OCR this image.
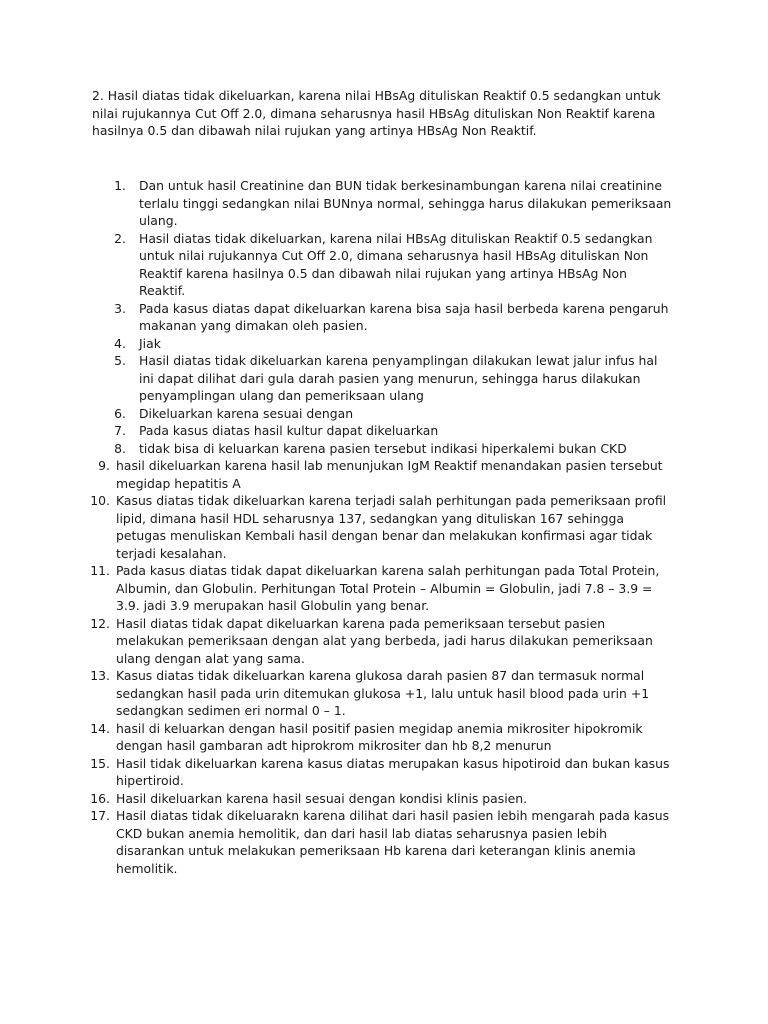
2. Hasil diatas tidak dikeluarkan, karena nilai HBsAg dituliskan Reaktif 0.5 sedangkan untuk nilai rujukannya Cut Off 2.0, dimana seharusnya hasil HBsAg dituliskan Non Reaktif karena hasilnya 0.5 dan dibawah nilai rujukan yang artinya HBsAg Non Reaktif.

1. Dan untuk hasil Creatinine dan BUN tidak berkesinambungan karena nilai creatinine terlalu tinggi sedangkan nilai BUNnya normal, sehingga harus dilakukan pemeriksaan ulang.
2. Hasil diatas tidak dikeluarkan, karena nilai HBsAg dituliskan Reaktif 0.5 sedangkan untuk nilai rujukannya Cut Off 2.0, dimana seharusnya hasil HBsAg dituliskan Non Reaktif karena hasilnya 0.5 dan dibawah nilai rujukan yang artinya HBsAg Non Reaktif.
3. Pada kasus diatas dapat dikeluarkan karena bisa saja hasil berbeda karena pengaruh makanan yang dimakan oleh pasien.
4. Jiak
5. Hasil diatas tidak dikeluarkan karena penyamplingan dilakukan lewat jalur infus hal ini dapat dilihat dari gula darah pasien yang menurun, sehingga harus dilakukan penyamplingan ulang dan pemeriksaan ulang
6. Dikeluarkan karena sesuai dengan
7. Pada kasus diatas hasil kultur dapat dikeluarkan
8. tidak bisa di keluarkan karena pasien tersebut indikasi hiperkalemi bukan CKD
9. hasil dikeluarkan karena hasil lab menunjukan IgM Reaktif menandakan pasien tersebut megidap hepatitis A
10. Kasus diatas tidak dikeluarkan karena terjadi salah perhitungan pada pemeriksaan profil lipid, dimana hasil HDL seharusnya 137, sedangkan yang dituliskan 167 sehingga petugas menuliskan Kembali hasil dengan benar dan melakukan konfirmasi agar tidak terjadi kesalahan.
11. Pada kasus diatas tidak dapat dikeluarkan karena salah perhitungan pada Total Protein, Albumin, dan Globulin. Perhitungan Total Protein – Albumin = Globulin, jadi 7.8 – 3.9 = 3.9. jadi 3.9 merupakan hasil Globulin yang benar.
12. Hasil diatas tidak dapat dikeluarkan karena pada pemeriksaan tersebut pasien melakukan pemeriksaan dengan alat yang berbeda, jadi harus dilakukan pemeriksaan ulang dengan alat yang sama.
13. Kasus diatas tidak dikeluarkan karena glukosa darah pasien 87 dan termasuk normal sedangkan hasil pada urin ditemukan glukosa +1, lalu untuk hasil blood pada urin +1 sedangkan sedimen eri normal 0 – 1.
14. hasil di keluarkan dengan hasil positif pasien megidap anemia mikrositer hipokromik dengan hasil gambaran adt hiprokrom mikrositer dan hb 8,2 menurun
15. Hasil tidak dikeluarkan karena kasus diatas merupakan kasus hipotiroid dan bukan kasus hipertiroid.
16. Hasil dikeluarkan karena hasil sesuai dengan kondisi klinis pasien.
17. Hasil diatas tidak dikeluarakn karena dilihat dari hasil pasien lebih mengarah pada kasus CKD bukan anemia hemolitik, dan dari hasil lab diatas seharusnya pasien lebih disarankan untuk melakukan pemeriksaan Hb karena dari keterangan klinis anemia hemolitik.
